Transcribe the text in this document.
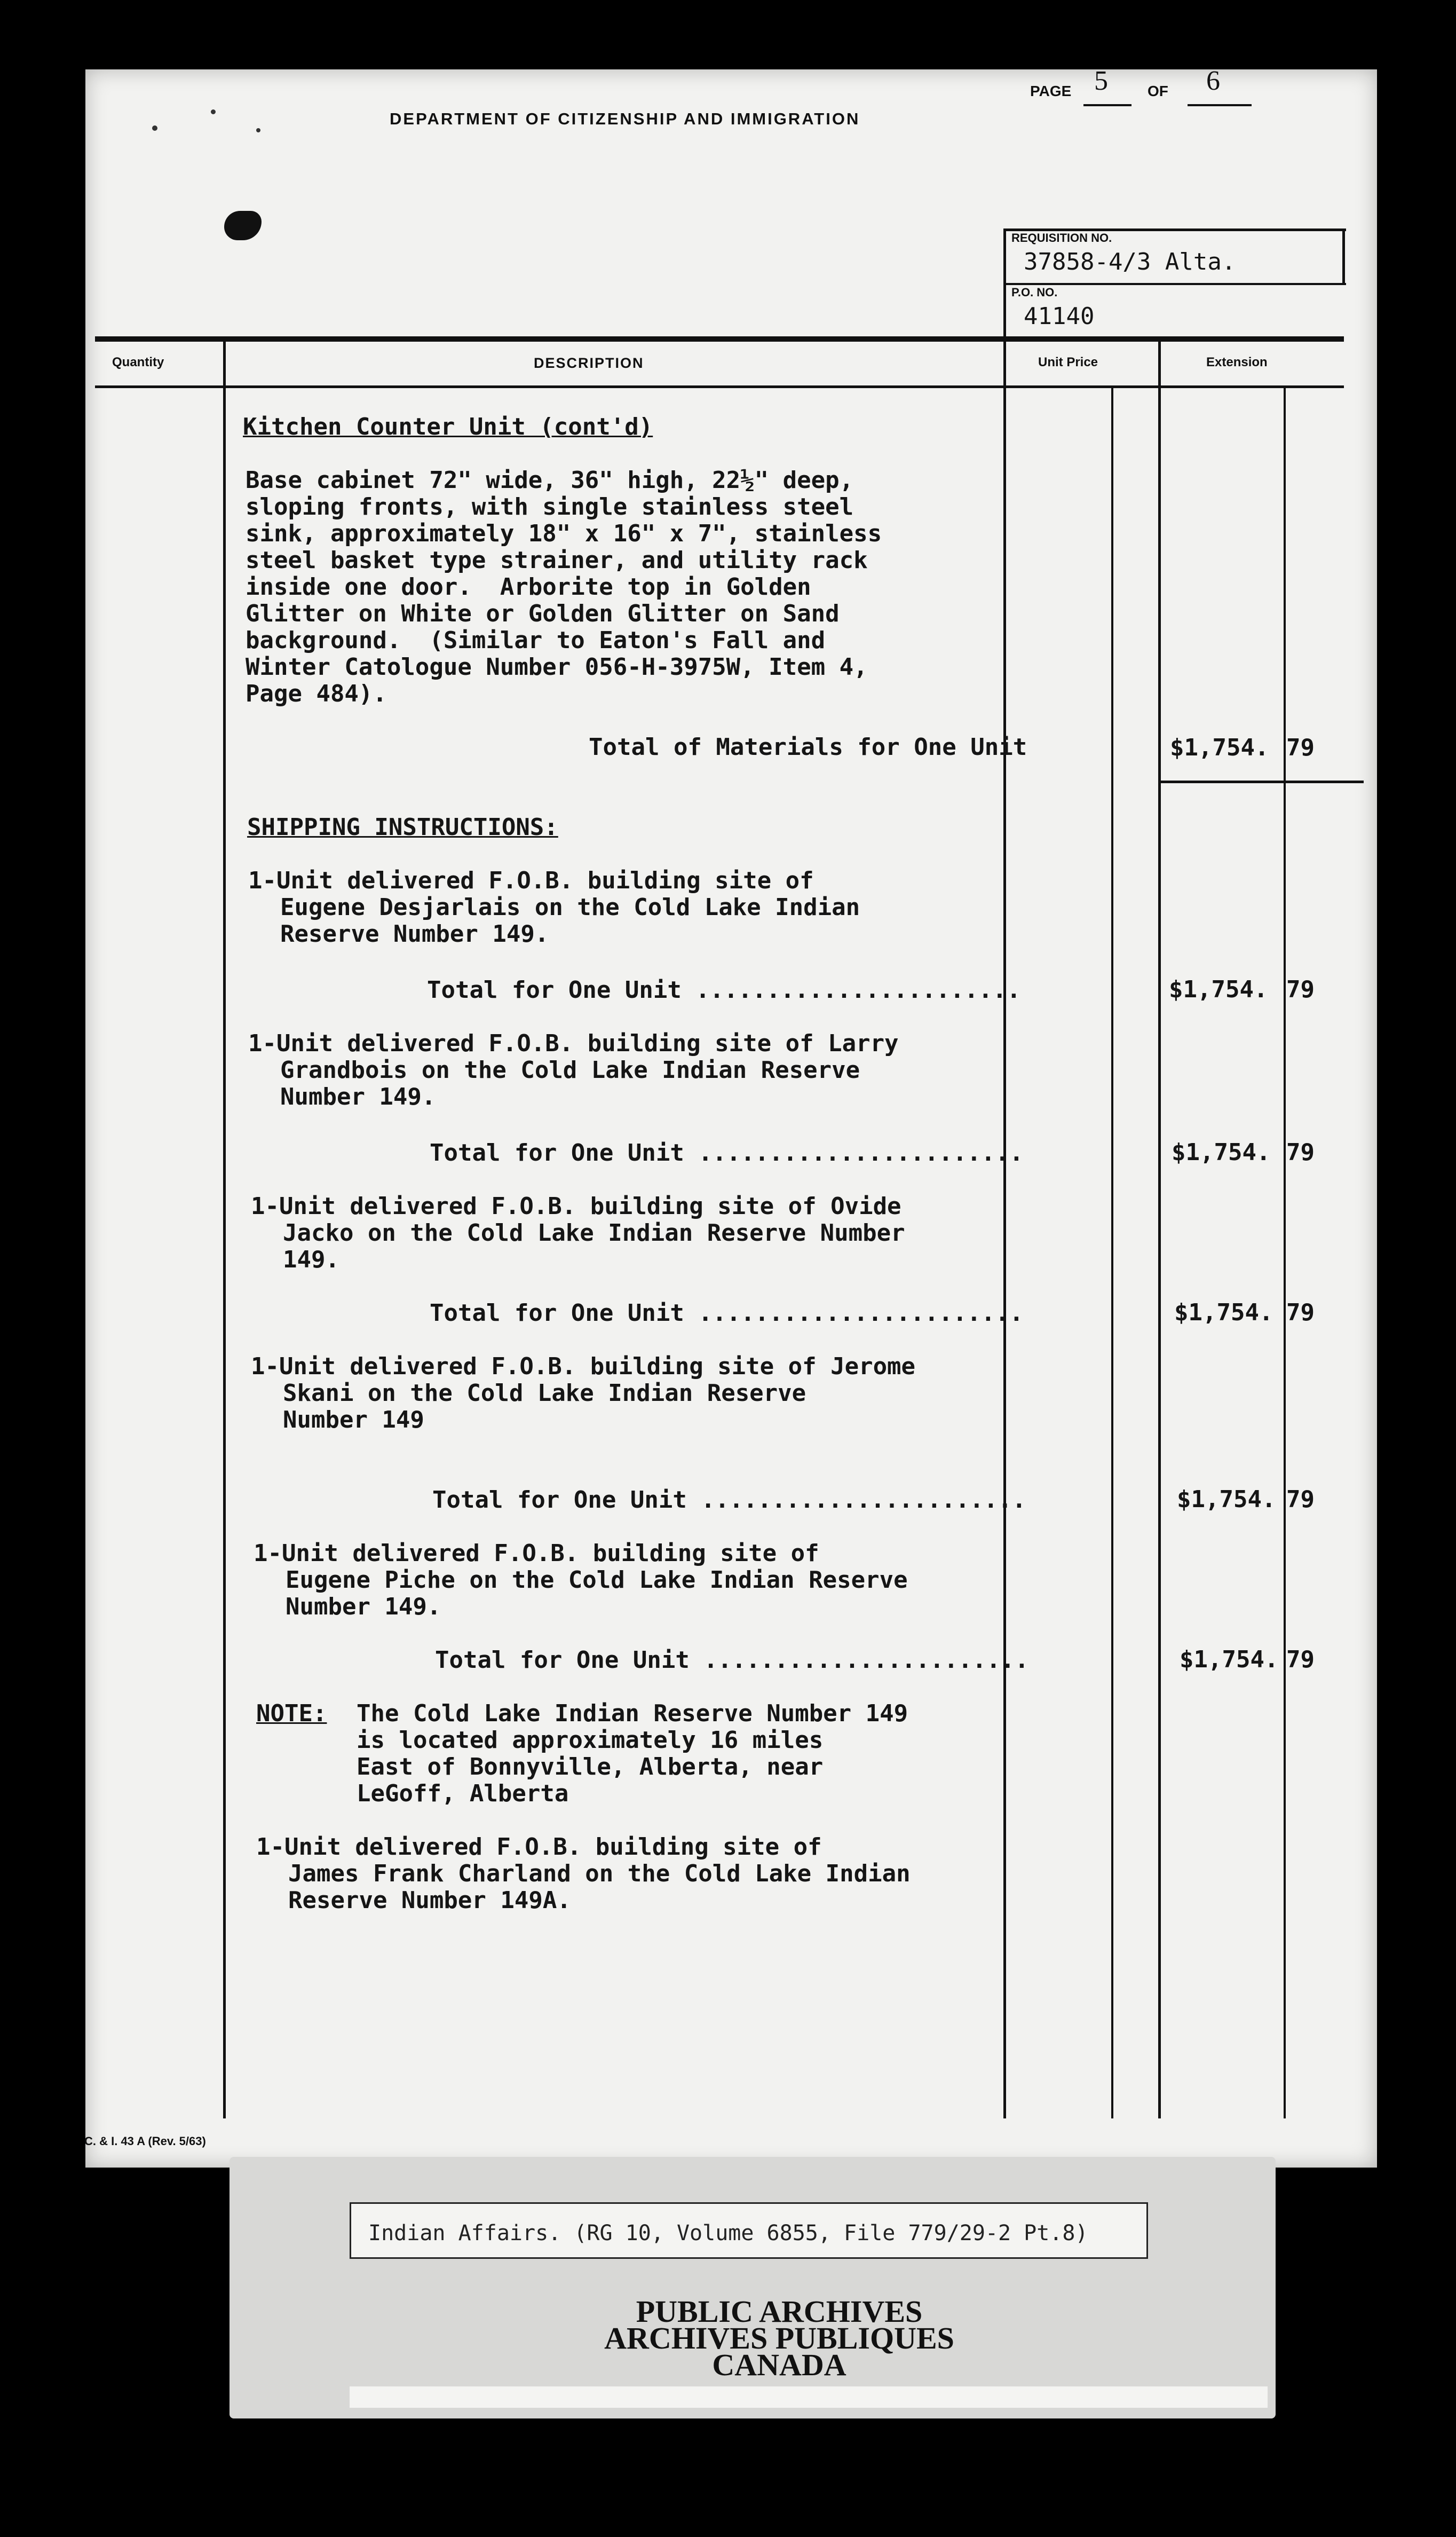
DEPARTMENT OF CITIZENSHIP AND IMMIGRATION
PAGE 5	OF 6
REQUISITION NO.
37858-4/3 Alta.
P.O. NO.
41140
Quantity	DESCRIPTION	Unit Price	Extension
Kitchen Counter Unit (cont'd)
Base cabinet 72" wide, 36" high, 22½" deep,
sloping fronts, with single stainless steel
sink, approximately 18" x 16" x 7", stainless
steel basket type strainer, and utility rack
inside one door.  Arborite top in Golden
Glitter on White or Golden Glitter on Sand
background.  (Similar to Eaton's Fall and
Winter Catologue Number 056-H-3975W, Item 4,
Page 484).
Total of Materials for One Unit	$1,754. 79
SHIPPING INSTRUCTIONS:
1-Unit delivered F.O.B. building site of
Eugene Desjarlais on the Cold Lake Indian
Reserve Number 149.
Total for One Unit .......................	$1,754. 79
1-Unit delivered F.O.B. building site of Larry
Grandbois on the Cold Lake Indian Reserve
Number 149.
Total for One Unit .......................	$1,754. 79
1-Unit delivered F.O.B. building site of Ovide
Jacko on the Cold Lake Indian Reserve Number
149.
Total for One Unit .......................	$1,754. 79
1-Unit delivered F.O.B. building site of Jerome
Skani on the Cold Lake Indian Reserve
Number 149
Total for One Unit .......................	$1,754. 79
1-Unit delivered F.O.B. building site of
Eugene Piche on the Cold Lake Indian Reserve
Number 149.
Total for One Unit .......................	$1,754. 79
NOTE: The Cold Lake Indian Reserve Number 149
is located approximately 16 miles
East of Bonnyville, Alberta, near
LeGoff, Alberta
1-Unit delivered F.O.B. building site of
James Frank Charland on the Cold Lake Indian
Reserve Number 149A.
C. & I. 43 A (Rev. 5/63)
Indian Affairs. (RG 10, Volume 6855, File 779/29-2 Pt.8)
PUBLIC ARCHIVES
ARCHIVES PUBLIQUES
CANADA
